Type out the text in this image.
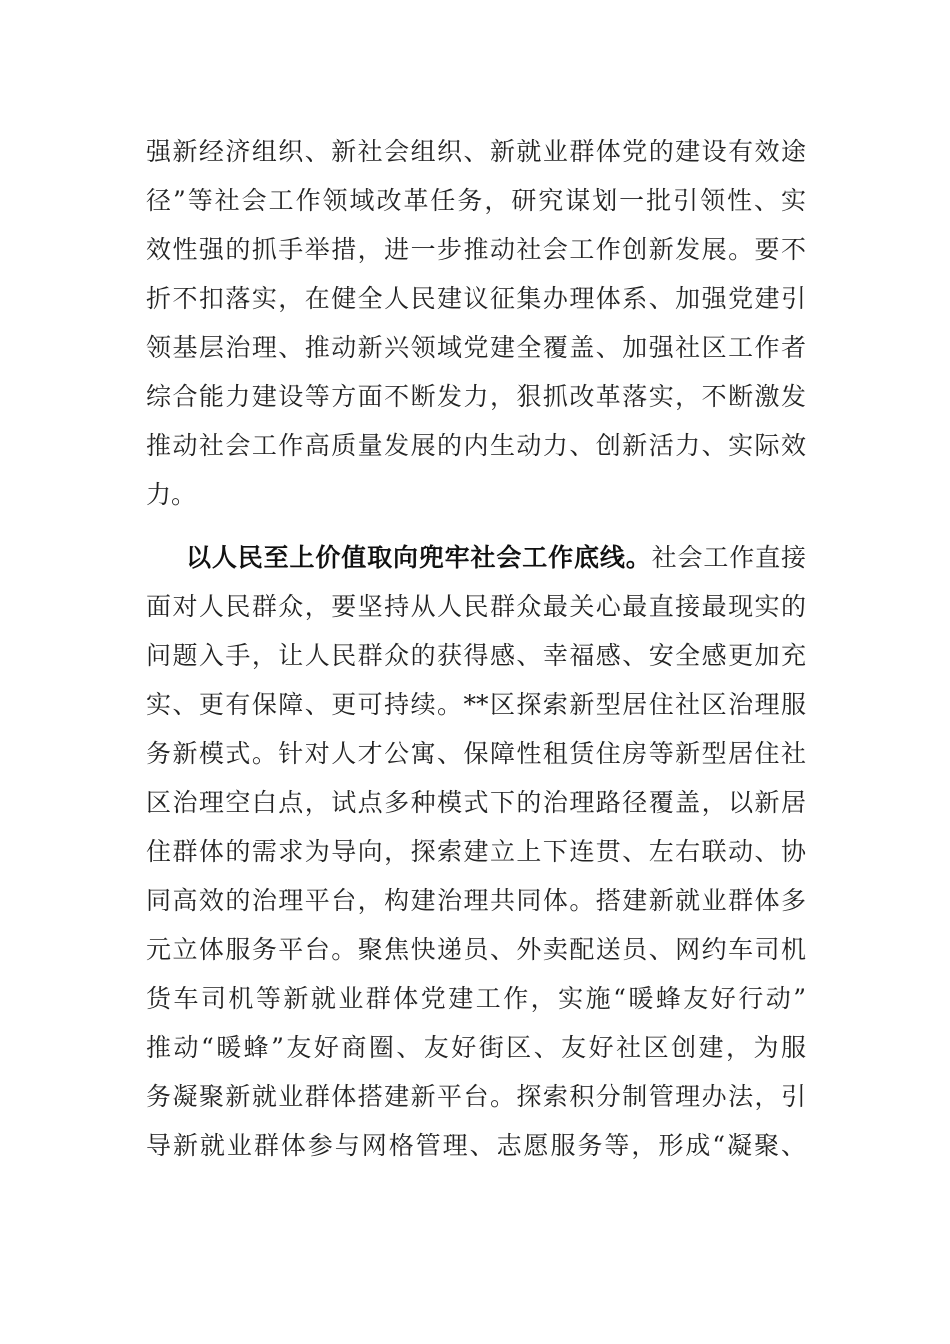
强新经济组织、新社会组织、新就业群体党的建设有效途
径”等社会工作领域改革任务，研究谋划一批引领性、实
效性强的抓手举措，进一步推动社会工作创新发展。要不
折不扣落实，在健全人民建议征集办理体系、加强党建引
领基层治理、推动新兴领域党建全覆盖、加强社区工作者
综合能力建设等方面不断发力，狠抓改革落实，不断激发
推动社会工作高质量发展的内生动力、创新活力、实际效
力。
以人民至上价值取向兜牢社会工作底线。社会工作直接
面对人民群众，要坚持从人民群众最关心最直接最现实的
问题入手，让人民群众的获得感、幸福感、安全感更加充
实、更有保障、更可持续。**区探索新型居住社区治理服
务新模式。针对人才公寓、保障性租赁住房等新型居住社
区治理空白点，试点多种模式下的治理路径覆盖，以新居
住群体的需求为导向，探索建立上下连贯、左右联动、协
同高效的治理平台，构建治理共同体。搭建新就业群体多
元立体服务平台。聚焦快递员、外卖配送员、网约车司机
货车司机等新就业群体党建工作，实施“暖蜂友好行动”
推动“暖蜂”友好商圈、友好街区、友好社区创建，为服
务凝聚新就业群体搭建新平台。探索积分制管理办法，引
导新就业群体参与网格管理、志愿服务等，形成“凝聚、
